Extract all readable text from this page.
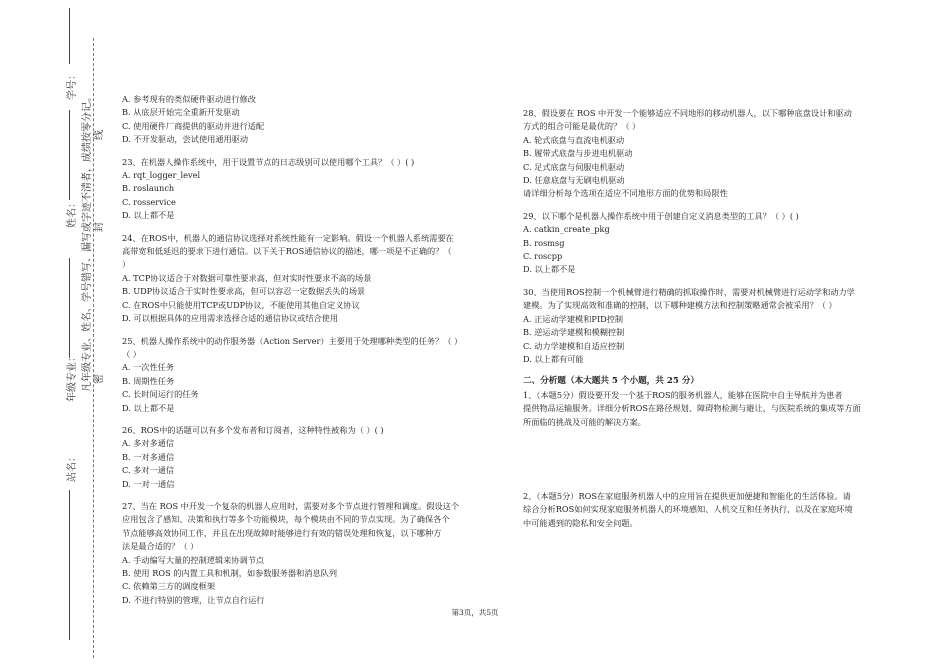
学号：
姓名： 凡年级专业、姓名、学号错写、漏写或字迹不清者，成绩按零分记。
年级专业：
站名：
线
封
密

A. 参考现有的类似硬件驱动进行修改

B. 从底层开始完全重新开发驱动

C. 使用硬件厂商提供的驱动并进行适配

D. 不开发驱动，尝试使用通用驱动

23、在机器人操作系统中，用于设置节点的日志级别可以使用哪个工具？（ ）( )

A. rqt_logger_level

B. roslaunch

C. rosservice

D. 以上都不是

24、在ROS中，机器人的通信协议选择对系统性能有一定影响。假设一个机器人系统需要在

高带宽和低延迟的要求下进行通信。以下关于ROS通信协议的描述，哪一项是不正确的？（

）

A. TCP协议适合于对数据可靠性要求高，但对实时性要求不高的场景

B. UDP协议适合于实时性要求高，但可以容忍一定数据丢失的场景

C. 在ROS中只能使用TCP或UDP协议，不能使用其他自定义协议

D. 可以根据具体的应用需求选择合适的通信协议或结合使用

25、机器人操作系统中的动作服务器（Action Server）主要用于处理哪种类型的任务？（ ）

（ ）

A. 一次性任务

B. 周期性任务

C. 长时间运行的任务

D. 以上都不是

26、ROS中的话题可以有多个发布者和订阅者，这种特性被称为（ ）( )

A. 多对多通信

B. 一对多通信

C. 多对一通信

D. 一对一通信

27、当在 ROS 中开发一个复杂的机器人应用时，需要对多个节点进行管理和调度。假设这个

应用包含了感知、决策和执行等多个功能模块，每个模块由不同的节点实现。为了确保各个

节点能够高效协同工作，并且在出现故障时能够进行有效的错误处理和恢复，以下哪种方

法是最合适的？（ ）

A. 手动编写大量的控制逻辑来协调节点

B. 使用 ROS 的内置工具和机制，如参数服务器和消息队列

C. 依赖第三方的调度框架

D. 不进行特别的管理，让节点自行运行

28、假设要在 ROS 中开发一个能够适应不同地形的移动机器人，以下哪种底盘设计和驱动

方式的组合可能是最优的？（ ）

A. 轮式底盘与直流电机驱动

B. 履带式底盘与步进电机驱动

C. 足式底盘与伺服电机驱动

D. 任意底盘与无刷电机驱动

请详细分析每个选项在适应不同地形方面的优势和局限性

29、以下哪个是机器人操作系统中用于创建自定义消息类型的工具？（ ）( )

A. catkin_create_pkg

B. rosmsg

C. roscpp

D. 以上都不是

30、当使用ROS控制一个机械臂进行精确的抓取操作时，需要对机械臂进行运动学和动力学

建模。为了实现高效和准确的控制，以下哪种建模方法和控制策略通常会被采用？（ ）

A. 正运动学建模和PID控制

B. 逆运动学建模和模糊控制

C. 动力学建模和自适应控制

D. 以上都有可能

二、分析题（本大题共 5 个小题，共 25 分）

1、（本题5分）假设要开发一个基于ROS的服务机器人，能够在医院中自主导航并为患者

提供物品运输服务。详细分析ROS在路径规划、障碍物检测与避让、与医院系统的集成等方面

所面临的挑战及可能的解决方案。

2、（本题5分）ROS在家庭服务机器人中的应用旨在提供更加便捷和智能化的生活体验。请

综合分析ROS如何实现家庭服务机器人的环境感知、人机交互和任务执行，以及在家庭环境

中可能遇到的隐私和安全问题。

第3页，共5页
